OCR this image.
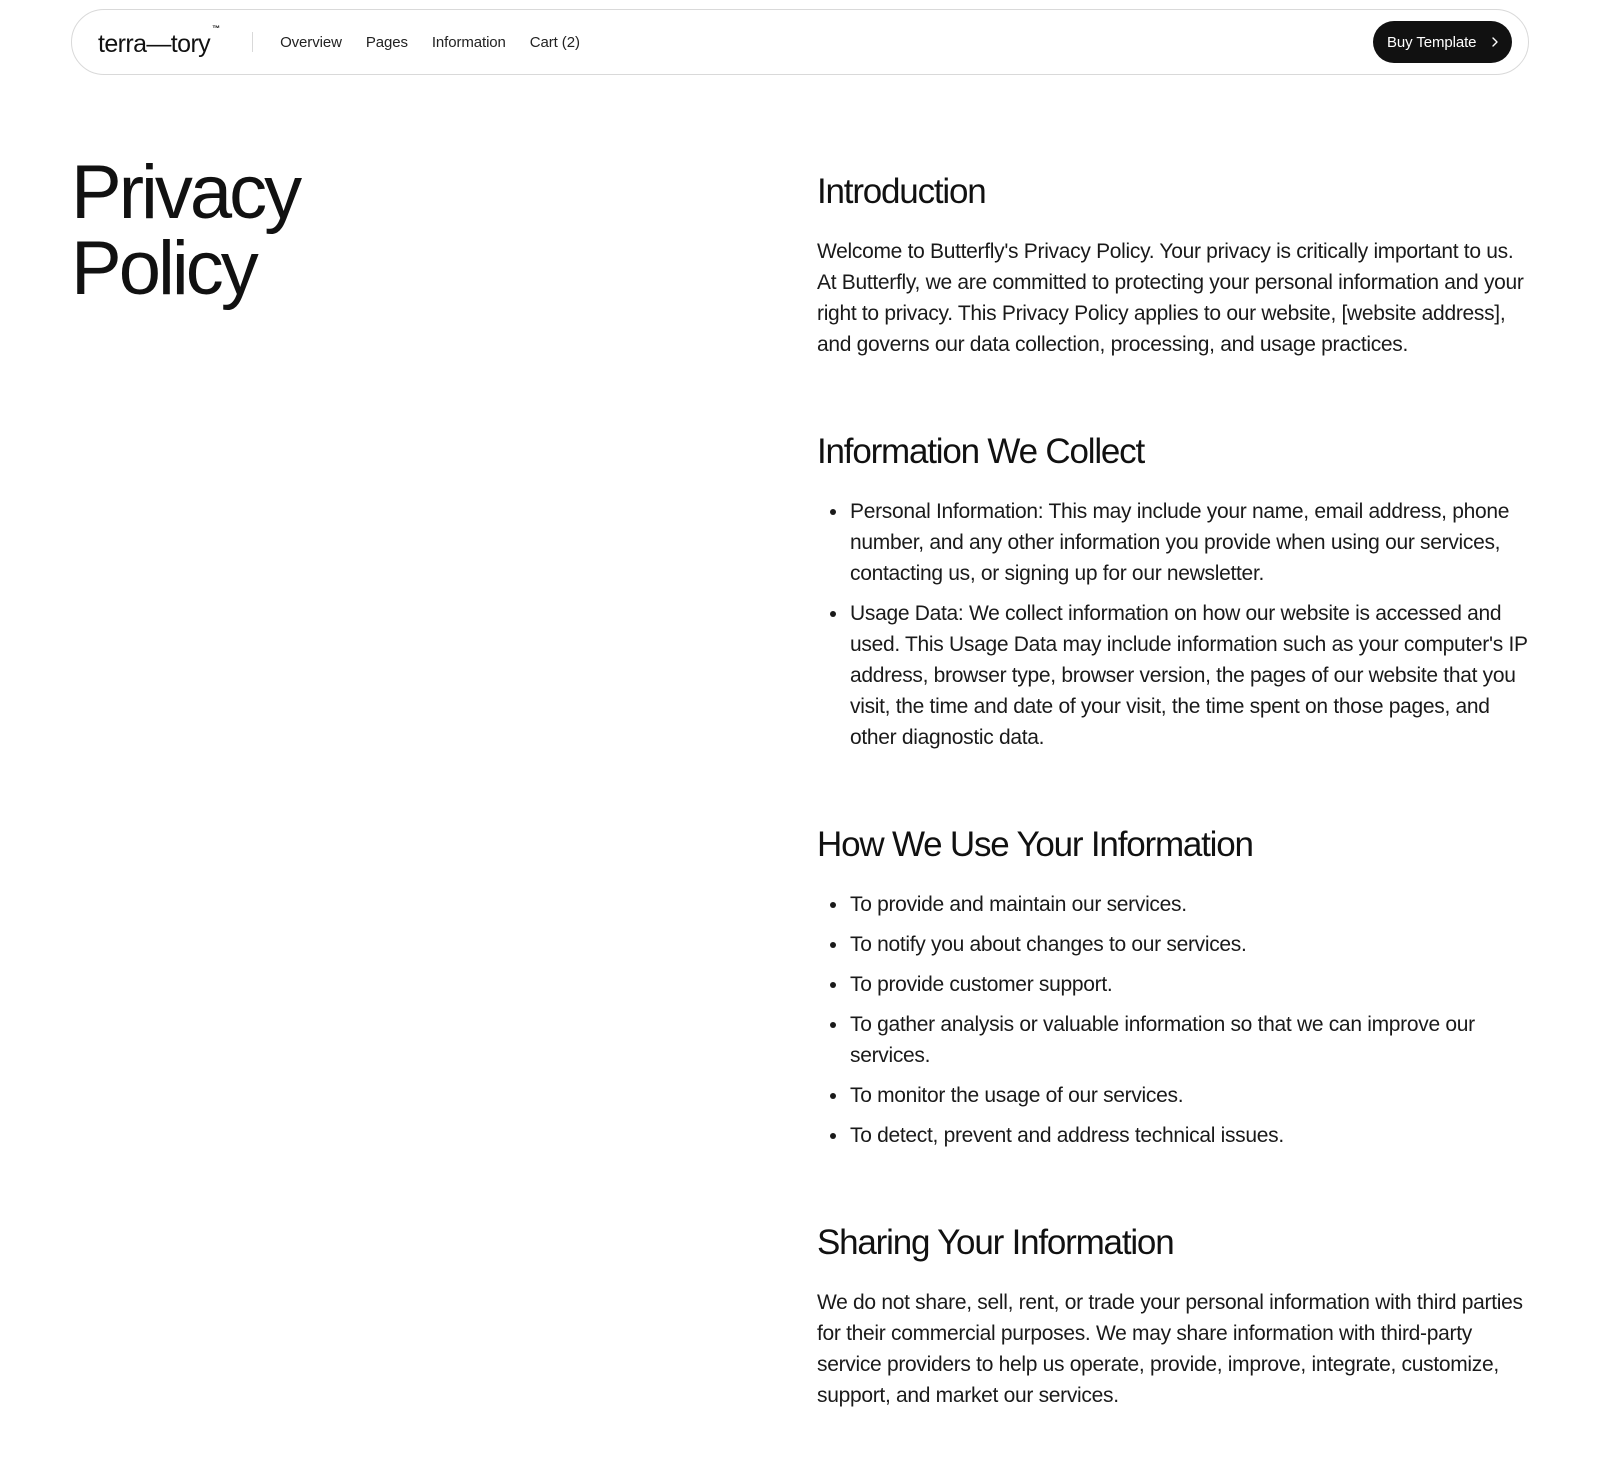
terra—tory
™
Overview Pages Information Cart (2)	Buy Template
Privacy
Policy
Introduction

Welcome to Butterfly's Privacy Policy. Your privacy is critically important to us. At Butterfly, we are committed to protecting your personal information and your right to privacy. This Privacy Policy applies to our website, [website address], and governs our data collection, processing, and usage practices.

Information We Collect
Personal Information: This may include your name, email address, phone number, and any other information you provide when using our services, contacting us, or signing up for our newsletter.
Usage Data: We collect information on how our website is accessed and used. This Usage Data may include information such as your computer's IP address, browser type, browser version, the pages of our website that you visit, the time and date of your visit, the time spent on those pages, and other diagnostic data.
How We Use Your Information
To provide and maintain our services.
To notify you about changes to our services.
To provide customer support.
To gather analysis or valuable information so that we can improve our services.
To monitor the usage of our services.
To detect, prevent and address technical issues.
Sharing Your Information

We do not share, sell, rent, or trade your personal information with third parties for their commercial purposes. We may share information with third-party service providers to help us operate, provide, improve, integrate, customize, support, and market our services.
